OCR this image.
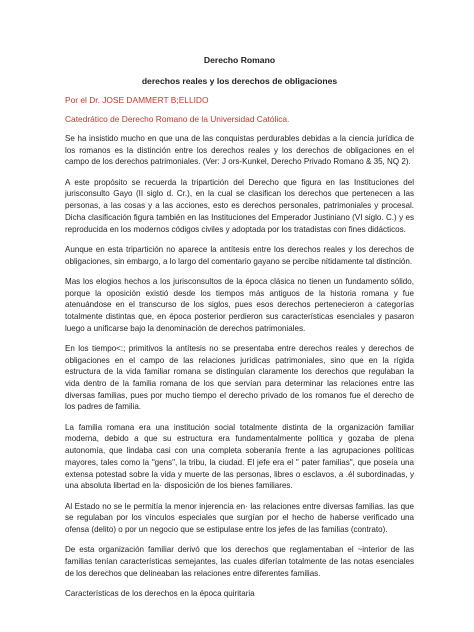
Derecho Romano
derechos reales y los derechos de obligaciones
Por el Dr. JOSE DAMMERT B;ELLIDO
Catedrático de Derecho Romano de la Universidad Católica.

Se ha insistido mucho en que una de las conquistas perdurables debidas a la ciencia jurídica de los romanos es la distinción entre los derechos reales y los derechos de obligaciones en el campo de los derechos patrimoniales. (Ver: J ors-Kunkel, Derecho Privado Romano & 35, NQ 2).

A este propósito se recuerda la tripartición del Derecho que figura en las Instituciones del jurisconsulto Gayo (II siglo d. Cr.), en la cual se clasifican los derechos que pertenecen a las personas, a las cosas y a las acciones, esto es derechos personales, patrimoniales y procesal. Dicha clasificación figura también en las Instituciones del Emperador Justiniano (VI siglo. C.) y es reproducida en los modernos códigos civiles y adoptada por los tratadistas con fines didácticos.

Aunque en esta tripartición no aparece la antítesis entre los derechos reales y los derechos de obligaciones, sin embargo, a lo largo del comentario gayano se percibe nítidamente tal distinción.

Mas los elogios hechos a los jurisconsultos de la época clásica no tienen un fundamento sólido, porque la oposición existió desde los tiempos más antiguos de la historia romana y fue atenuándose en el transcurso de los siglos, pues esos derechos pertenecieron a categorías totalmente distintas que, en época posterior perdieron sus características esenciales y pasaron luego a unificarse bajo la denominación de derechos patrimoniales.

En los tiempo<:; primitivos la antítesis no se presentaba entre derechos reales y derechos de obligaciones en el campo de las relaciones jurídicas patrimoniales, sino que en la rígida estructura de la vida familiar romana se distinguían claramente los derechos que regulaban la vida dentro de la familia romana de los que servían para determinar las relaciones entre las diversas familias, pues por mucho tiempo el derecho privado de los romanos fue el derecho de los padres de familia.

La familia romana era una institución social totalmente distinta de la organización familiar moderna, debido a que su estructura era fundamentalmente política y gozaba de plena autonomía, que lindaba casi con una completa soberanía frente a las agrupaciones políticas mayores, tales como la "gens", la tribu, la ciudad. El jefe era el " pater familias", que poseía una extensa potestad sobre la vida y muerte de las personas, libres o esclavos, a .él subordinadas, y una absoluta libertad en la· disposición de los bienes familiares.

Al Estado no se le permitía la menor injerencia en· las relaciones entre diversas familias. las que se regulaban por los vínculos especiales que surgían por el hecho de haberse verificado una ofensa (delito) o por un negocio que se estipulase entre los jefes de las familias (contrato).

De esta organización familiar derivó que los derechos que reglamentaban el ~interior de las familias tenían características semejantes, las cuales diferían totalmente de las notas esenciales de los derechos que delineaban las relaciones entre diferentes familias.

Características de los derechos en la época quiritaria
